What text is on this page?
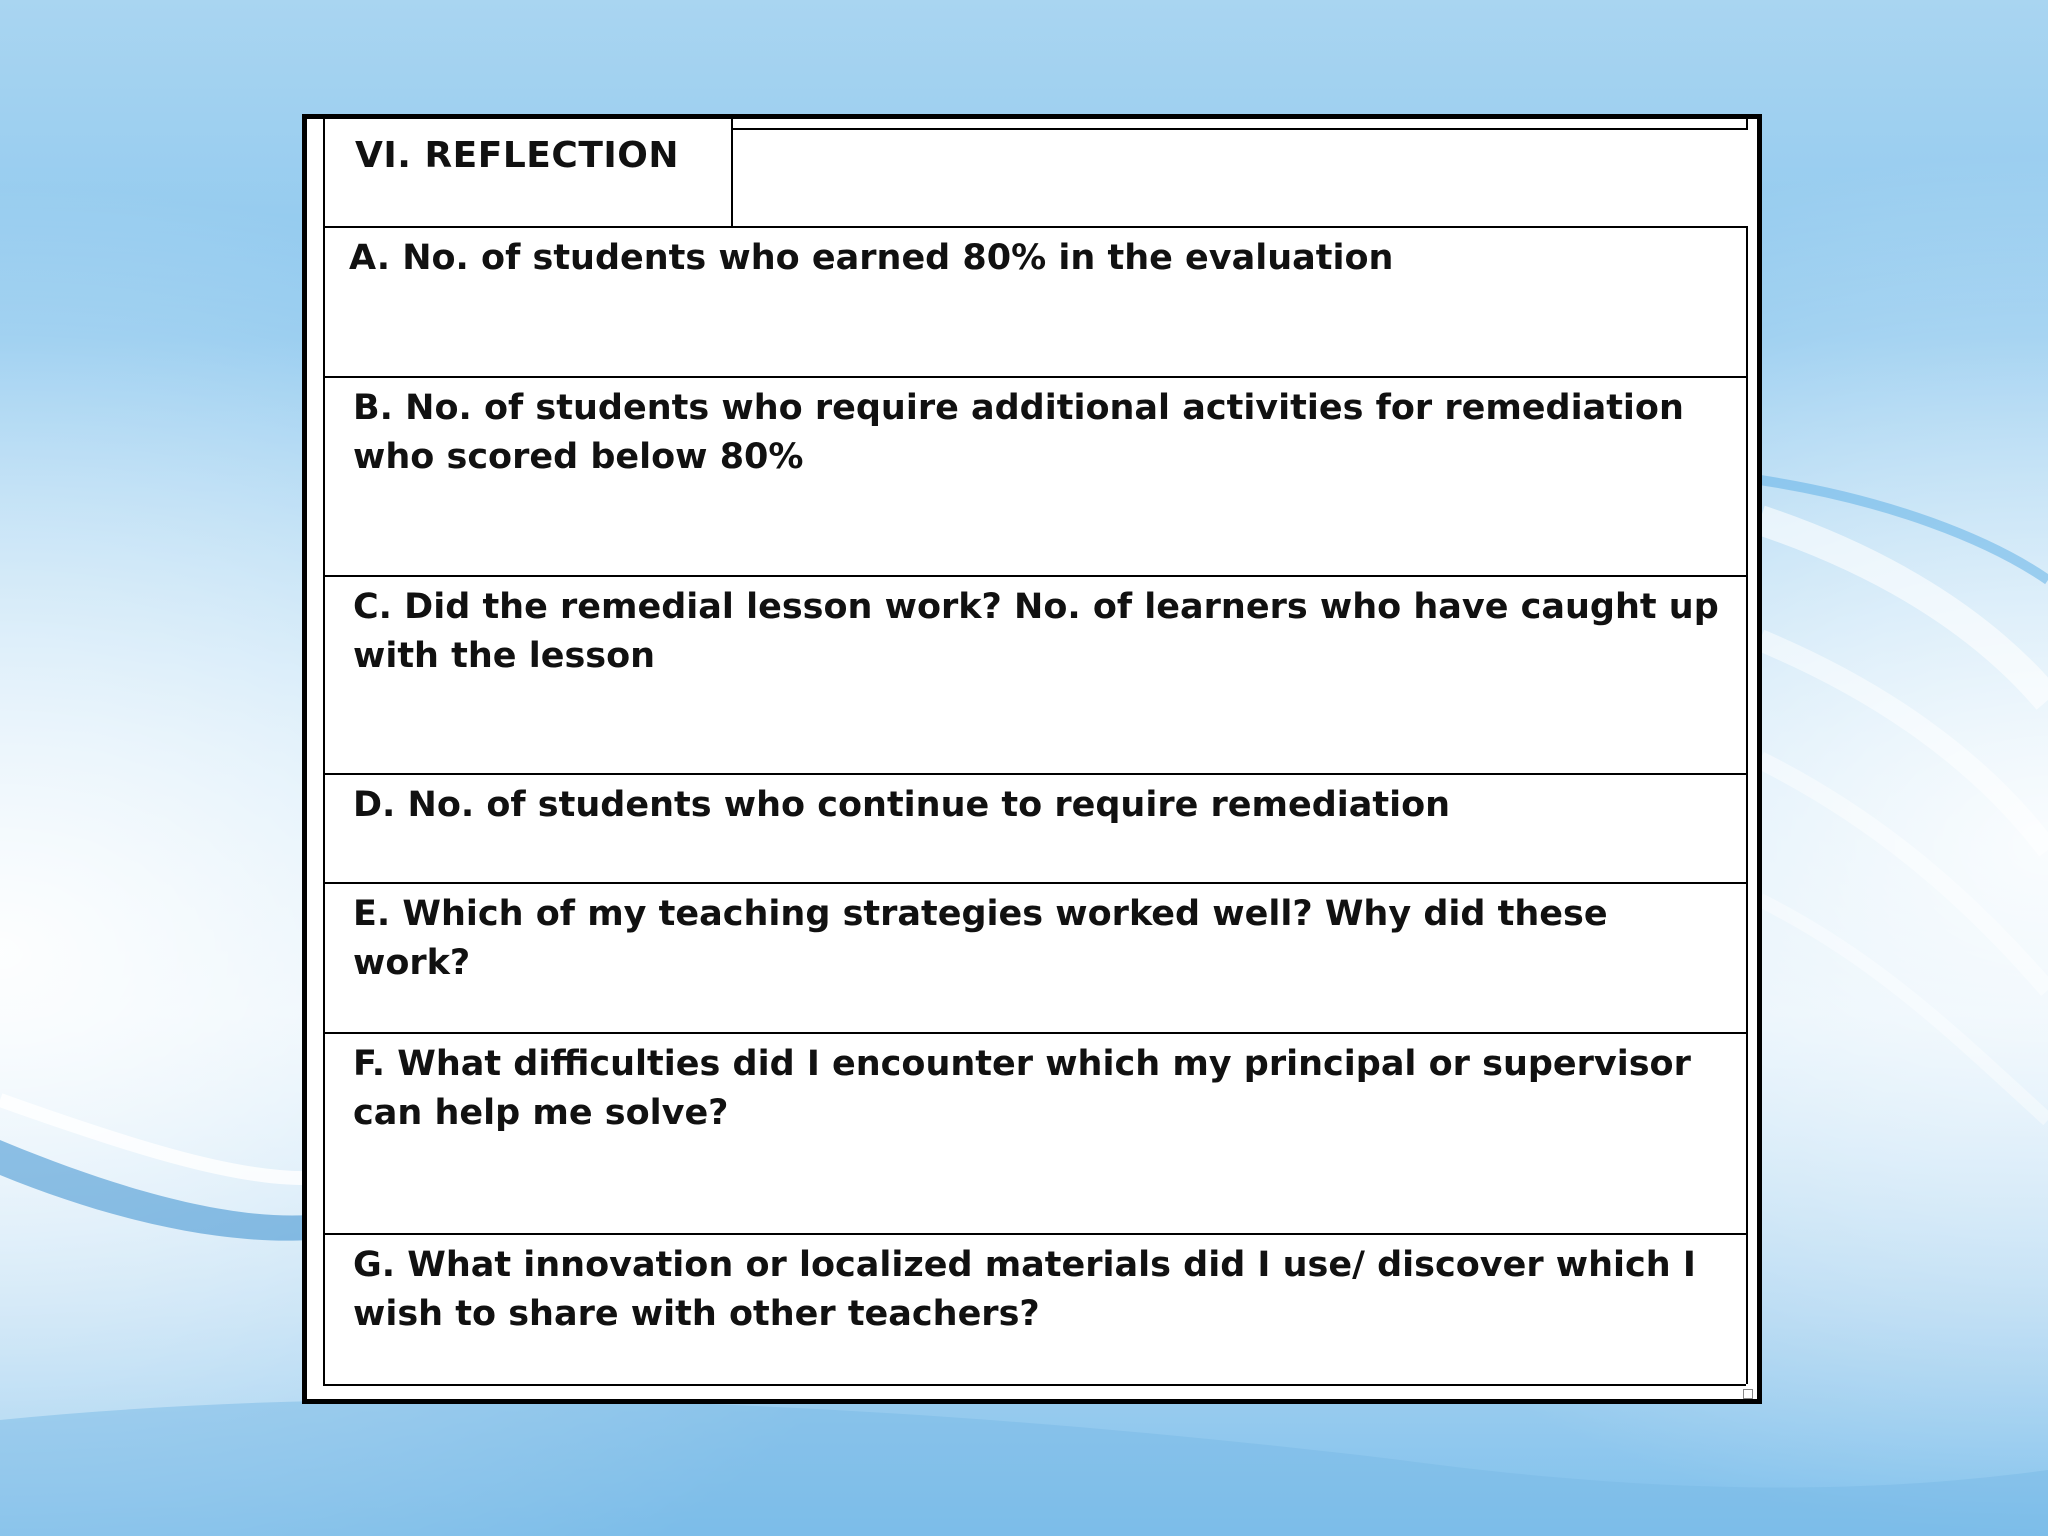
VI. REFLECTION
A. No. of students who earned 80% in the evaluation
B. No. of students who require additional activities for remediation who scored below 80%
C. Did the remedial lesson work? No. of learners who have caught up with the lesson
D. No. of students who continue to require remediation
E. Which of my teaching strategies worked well? Why did these work?
F. What difficulties did I encounter which my principal or supervisor can help me solve?
G. What innovation or localized materials did I use/ discover which I wish to share with other teachers?
